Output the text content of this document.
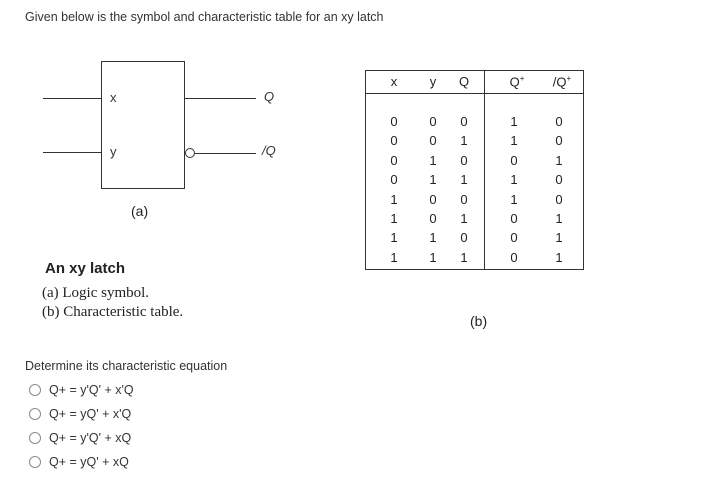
Given below is the symbol and characteristic table for an xy latch
x
y
Q
/Q
(a)
An xy latch
(a) Logic symbol.
(b) Characteristic table.
x	y	Q	Q+	/Q+
0	0	0	1	0
0	0	1	1	0
0	1	0	0	1
0	1	1	1	0
1	0	0	1	0
1	0	1	0	1
1	1	0	0	1
1	1	1	0	1
(b)
Determine its characteristic equation
Q+ = y'Q' + x'Q
Q+ = yQ' + x'Q
Q+ = y'Q' + xQ
Q+ = yQ' + xQ
